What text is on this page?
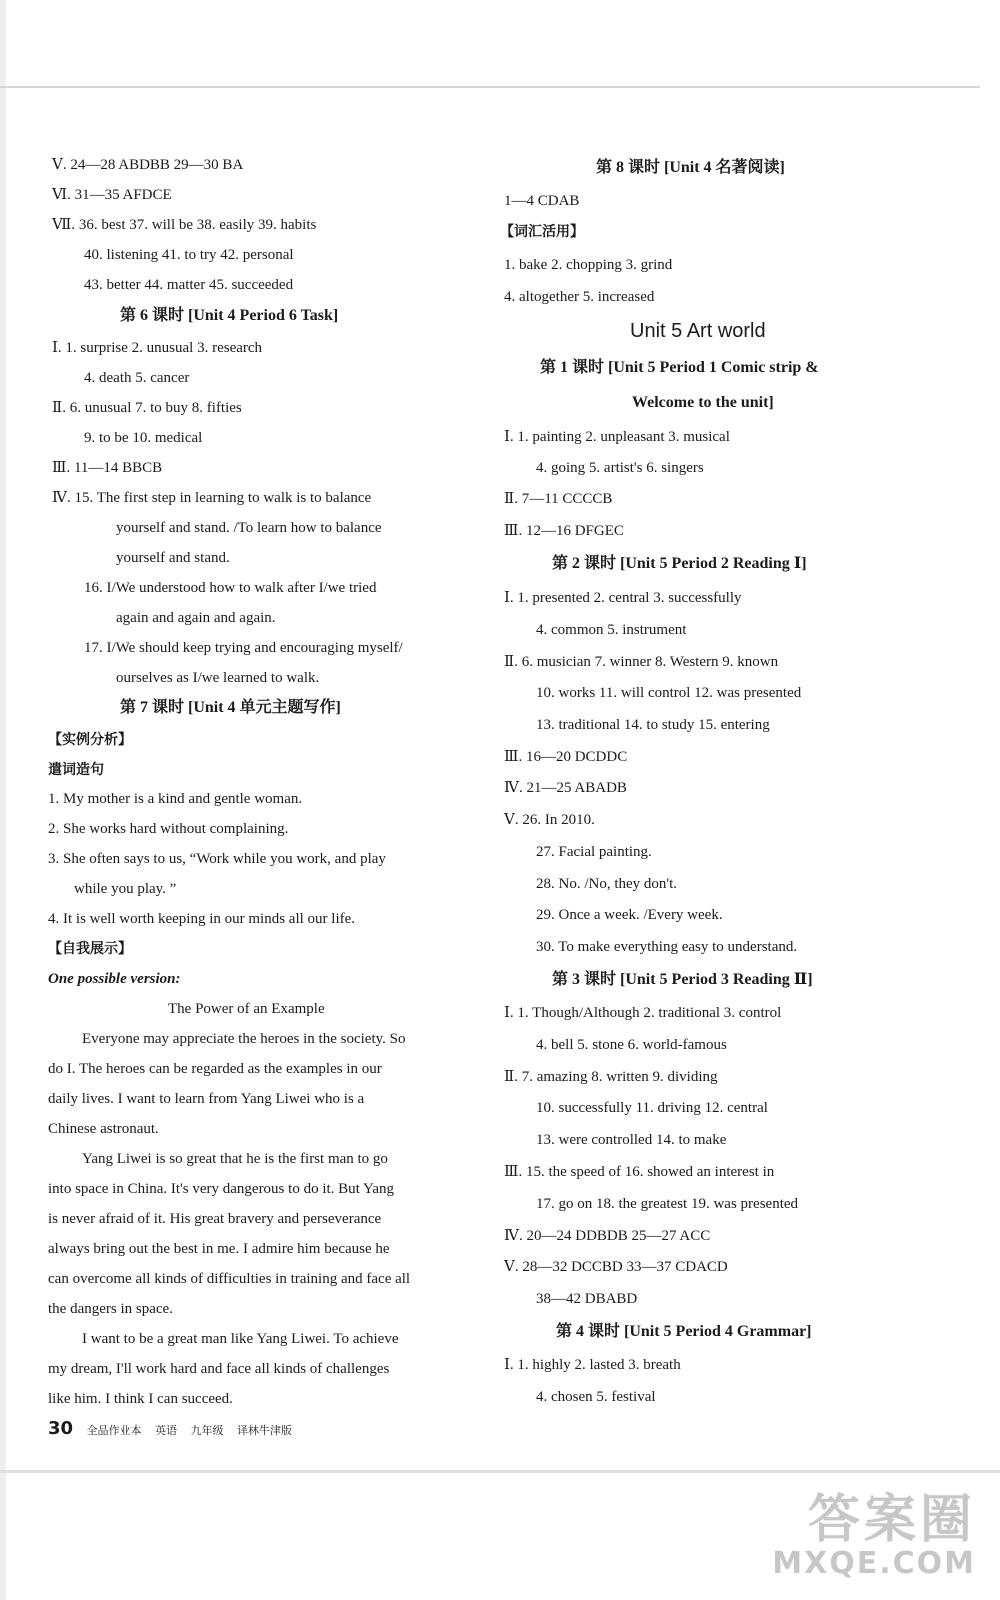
Ⅴ. 24—28 ABDBB 29—30 BA
Ⅵ. 31—35 AFDCE
Ⅶ. 36. best 37. will be 38. easily 39. habits
40. listening 41. to try 42. personal
43. better 44. matter 45. succeeded
第 6 课时 [Unit 4 Period 6 Task]
Ⅰ. 1. surprise 2. unusual 3. research
4. death 5. cancer
Ⅱ. 6. unusual 7. to buy 8. fifties
9. to be 10. medical
Ⅲ. 11—14 BBCB
Ⅳ. 15. The first step in learning to walk is to balance
yourself and stand. /To learn how to balance
yourself and stand.
16. I/We understood how to walk after I/we tried
again and again and again.
17. I/We should keep trying and encouraging myself/
ourselves as I/we learned to walk.
第 7 课时 [Unit 4 单元主题写作]
【实例分析】
遣词造句
1. My mother is a kind and gentle woman.
2. She works hard without complaining.
3. She often says to us, “Work while you work, and play
while you play. ”
4. It is well worth keeping in our minds all our life.
【自我展示】
One possible version:
The Power of an Example
Everyone may appreciate the heroes in the society. So
do I. The heroes can be regarded as the examples in our
daily lives. I want to learn from Yang Liwei who is a
Chinese astronaut.
Yang Liwei is so great that he is the first man to go
into space in China. It's very dangerous to do it. But Yang
is never afraid of it. His great bravery and perseverance
always bring out the best in me. I admire him because he
can overcome all kinds of difficulties in training and face all
the dangers in space.
I want to be a great man like Yang Liwei. To achieve
my dream, I'll work hard and face all kinds of challenges
like him. I think I can succeed.
第 8 课时 [Unit 4 名著阅读]
1—4 CDAB
【词汇活用】
1. bake 2. chopping 3. grind
4. altogether 5. increased
Unit 5 Art world
第 1 课时 [Unit 5 Period 1 Comic strip &
Welcome to the unit]
Ⅰ. 1. painting 2. unpleasant 3. musical
4. going 5. artist's 6. singers
Ⅱ. 7—11 CCCCB
Ⅲ. 12—16 DFGEC
第 2 课时 [Unit 5 Period 2 Reading Ⅰ]
Ⅰ. 1. presented 2. central 3. successfully
4. common 5. instrument
Ⅱ. 6. musician 7. winner 8. Western 9. known
10. works 11. will control 12. was presented
13. traditional 14. to study 15. entering
Ⅲ. 16—20 DCDDC
Ⅳ. 21—25 ABADB
Ⅴ. 26. In 2010.
27. Facial painting.
28. No. /No, they don't.
29. Once a week. /Every week.
30. To make everything easy to understand.
第 3 课时 [Unit 5 Period 3 Reading Ⅱ]
Ⅰ. 1. Though/Although 2. traditional 3. control
4. bell 5. stone 6. world-famous
Ⅱ. 7. amazing 8. written 9. dividing
10. successfully 11. driving 12. central
13. were controlled 14. to make
Ⅲ. 15. the speed of 16. showed an interest in
17. go on 18. the greatest 19. was presented
Ⅳ. 20—24 DDBDB 25—27 ACC
Ⅴ. 28—32 DCCBD 33—37 CDACD
38—42 DBABD
第 4 课时 [Unit 5 Period 4 Grammar]
Ⅰ. 1. highly 2. lasted 3. breath
4. chosen 5. festival
30 全品作业本 英语 九年级 译林牛津版
答案圈
MXQE.COM
